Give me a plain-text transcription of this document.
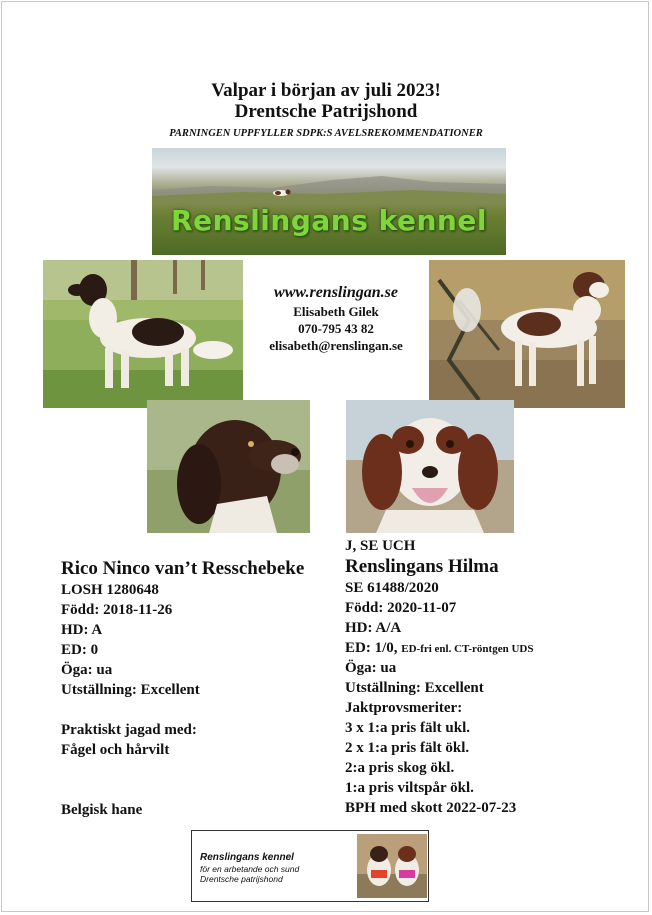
Valpar i början av juli 2023!
Drentsche Patrijshond
PARNINGEN UPPFYLLER SDPK:S AVELSREKOMMENDATIONER
Renslingans kennel
www.renslingan.se
Elisabeth Gilek
070-795 43 82
elisabeth@renslingan.se
Rico Ninco van’t Resschebeke
LOSH 1280648
Född: 2018-11-26
HD: A
ED: 0
Öga: ua
Utställning: Excellent
Praktiskt jagad med:
Fågel och hårvilt
Belgisk hane
J, SE UCH
Renslingans Hilma
SE 61488/2020
Född: 2020-11-07
HD: A/A
ED: 1/0, ED-fri enl. CT-röntgen UDS
Öga: ua
Utställning: Excellent
Jaktprovsmeriter:
3 x 1:a pris fält ukl.
2 x 1:a pris fält ökl.
2:a pris skog ökl.
1:a pris viltspår ökl.
BPH med skott 2022-07-23
Renslingans kennel
för en arbetande och sund
Drentsche patrijshond
